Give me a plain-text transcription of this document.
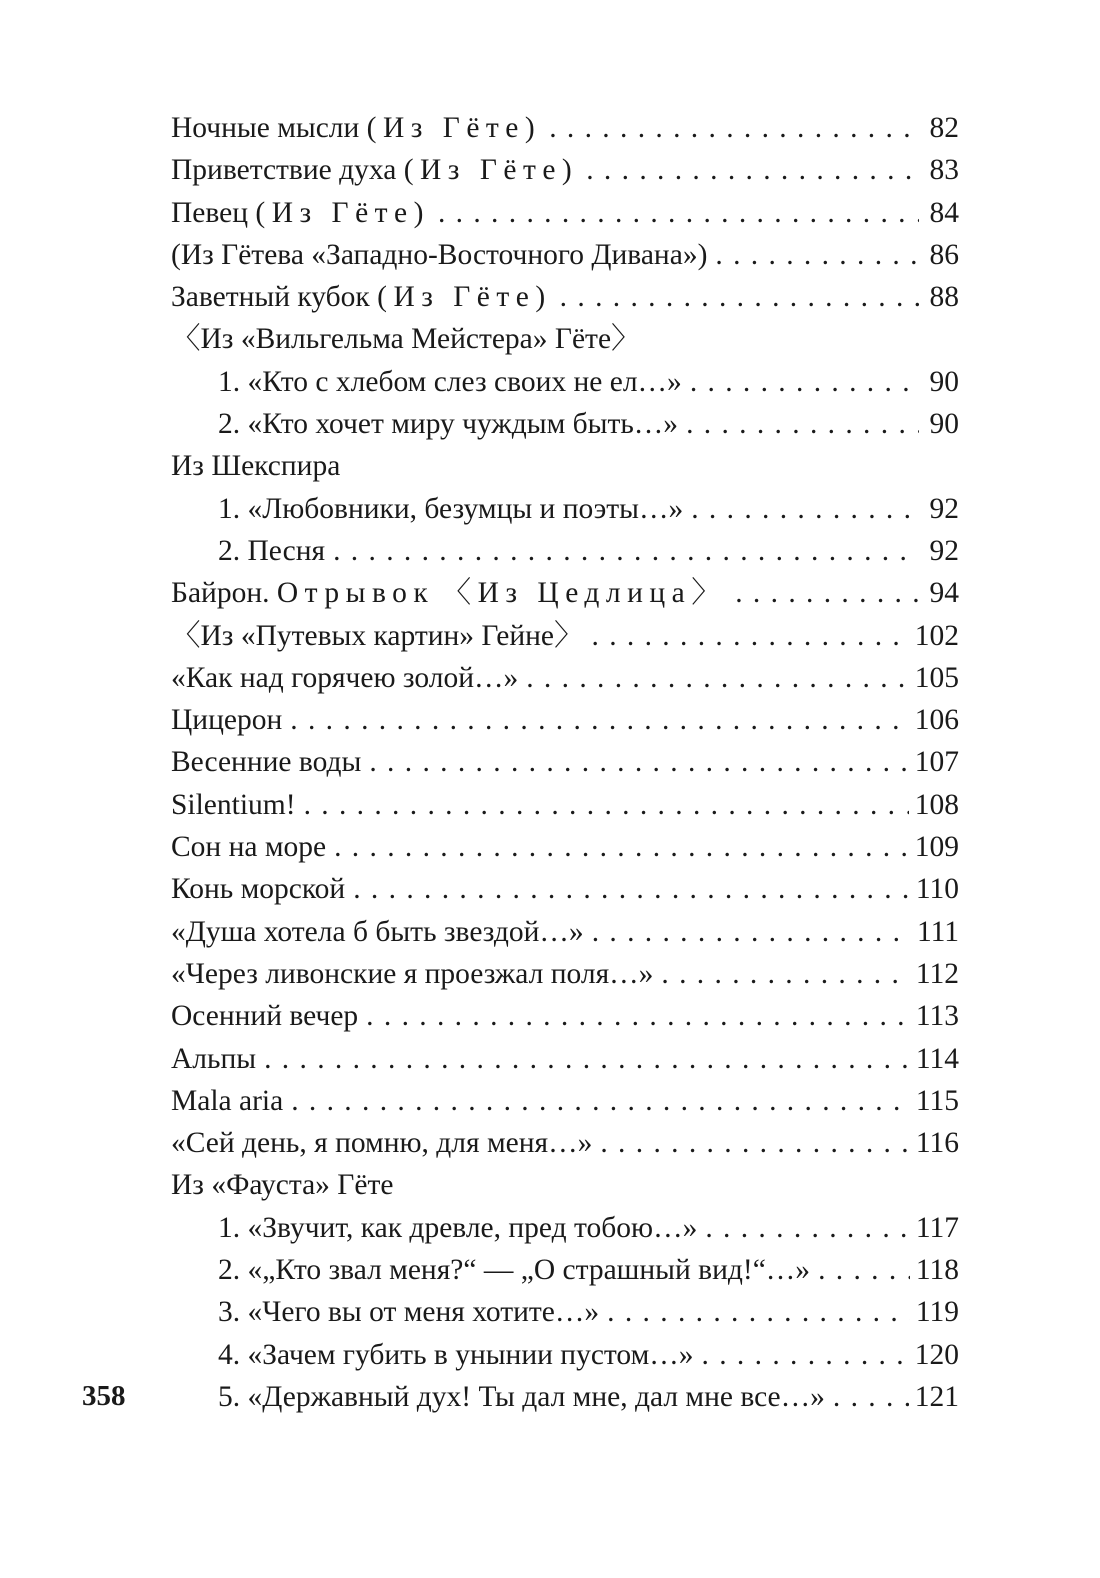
Ночные мысли (Из Гёте) . . .	82
Приветствие духа (Из Гёте) . . .	83
Певец (Из Гёте) . . .	84
(Из Гётева «Западно-Восточного Дивана») . . .	86
Заветный кубок (Из Гёте) . . .	88
〈Из «Вильгельма Мейстера» Гёте〉
1. «Кто с хлебом слез своих не ел…» . . .	90
2. «Кто хочет миру чуждым быть…» . . .	90
Из Шекспира
1. «Любовники, безумцы и поэты…» . . .	92
2. Песня . . .	92
Байрон. Отрывок 〈Из Цедлица〉 . . .	94
〈Из «Путевых картин» Гейне〉 . . .	102
«Как над горячею золой…» . . .	105
Цицерон . . .	106
Весенние воды . . .	107
Silentium! . . .	108
Сон на море . . .	109
Конь морской . . .	110
«Душа хотела б быть звездой…» . . .	111
«Через ливонские я проезжал поля…» . . .	112
Осенний вечер . . .	113
Альпы . . .	114
Mala aria . . .	115
«Сей день, я помню, для меня…» . . .	116
Из «Фауста» Гёте
1. «Звучит, как древле, пред тобою…» . . .	117
2. «„Кто звал меня?“ — „О страшный вид!“…» . . .	118
3. «Чего вы от меня хотите…» . . .	119
4. «Зачем губить в унынии пустом…» . . .	120
5. «Державный дух! Ты дал мне, дал мне все…» . . .	121
358
